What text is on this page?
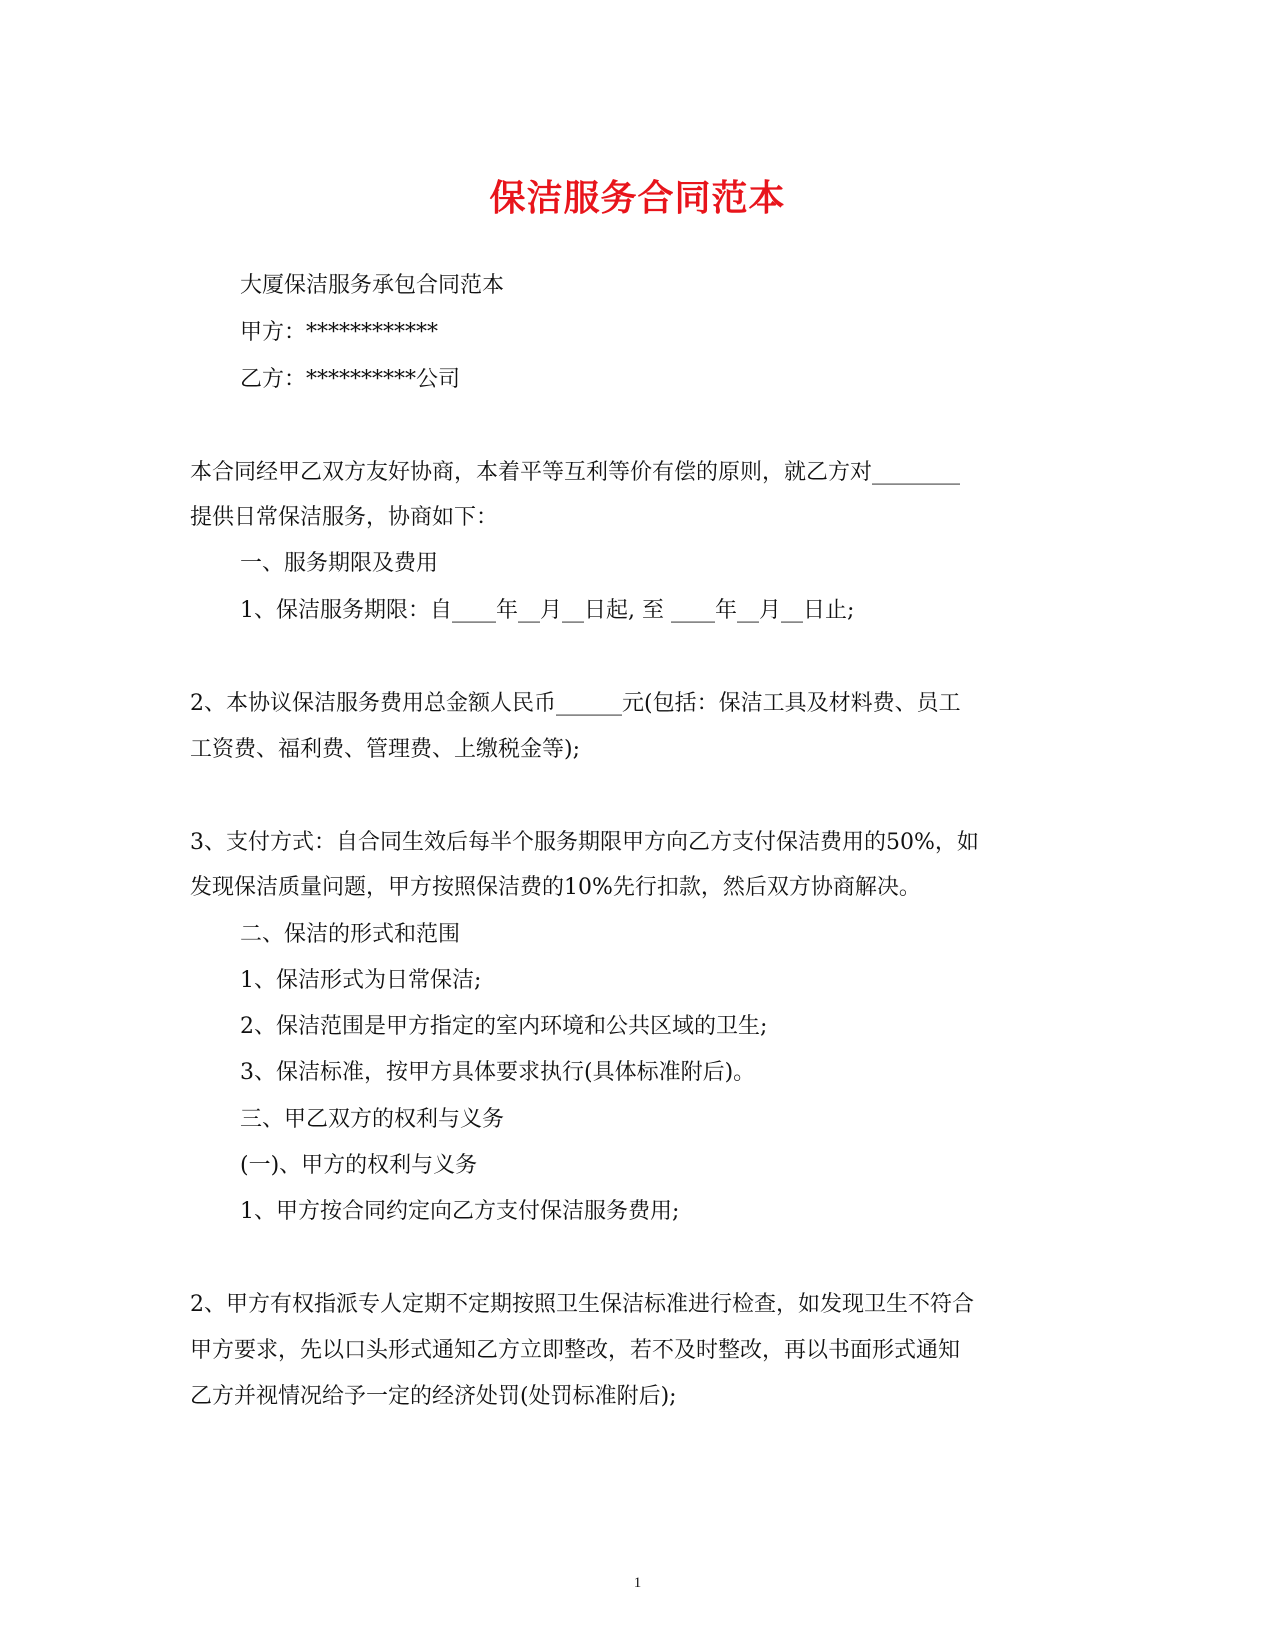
保洁服务合同范本
大厦保洁服务承包合同范本
甲方：************
乙方：**********公司
本合同经甲乙双方友好协商，本着平等互利等价有偿的原则，就乙方对________
提供日常保洁服务，协商如下：
一、服务期限及费用
1、保洁服务期限：自____年__月__日起, 至 ____年__月__日止;
2、本协议保洁服务费用总金额人民币______元(包括：保洁工具及材料费、员工
工资费、福利费、管理费、上缴税金等);
3、支付方式：自合同生效后每半个服务期限甲方向乙方支付保洁费用的50%，如
发现保洁质量问题，甲方按照保洁费的10%先行扣款，然后双方协商解决。
二、保洁的形式和范围
1、保洁形式为日常保洁;
2、保洁范围是甲方指定的室内环境和公共区域的卫生;
3、保洁标准，按甲方具体要求执行(具体标准附后)。
三、甲乙双方的权利与义务
(一)、甲方的权利与义务
1、甲方按合同约定向乙方支付保洁服务费用;
2、甲方有权指派专人定期不定期按照卫生保洁标准进行检查，如发现卫生不符合
甲方要求，先以口头形式通知乙方立即整改，若不及时整改，再以书面形式通知
乙方并视情况给予一定的经济处罚(处罚标准附后);
1
